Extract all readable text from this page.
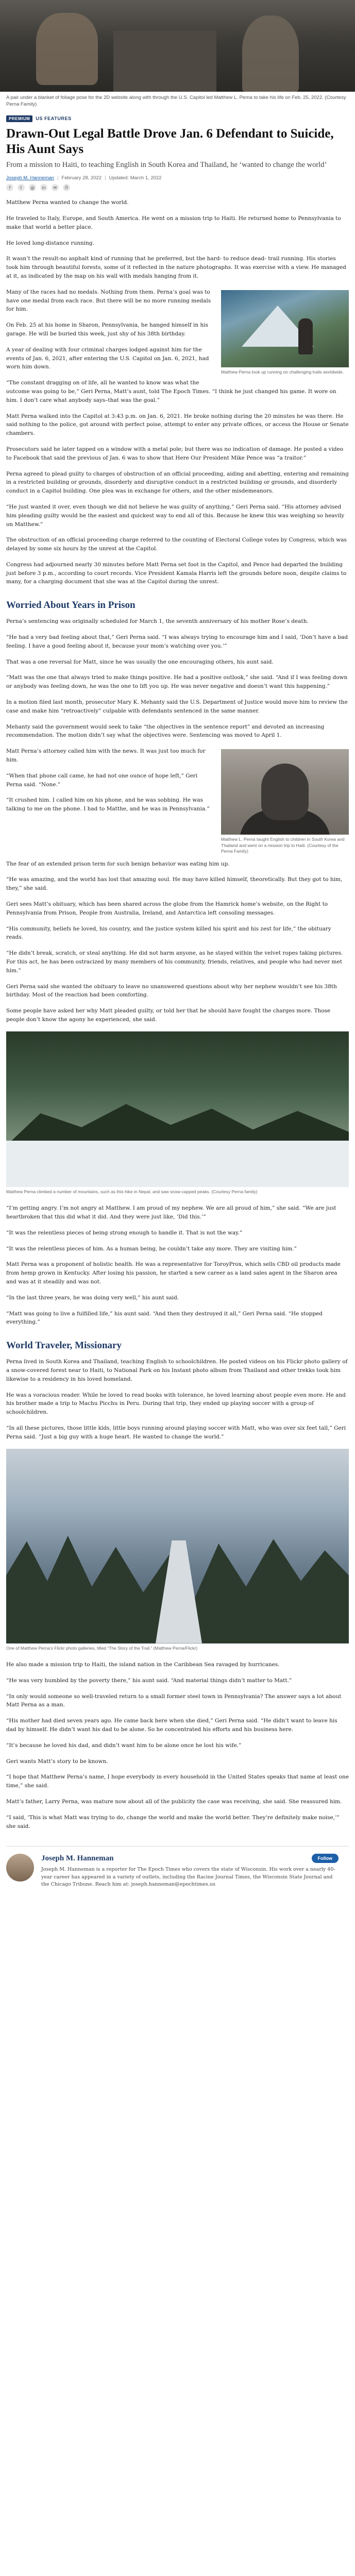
A pair under a blanket of foliage pose for the 2D website along with through the U.S. Capitol led Matthew L. Perna to take his life on Feb. 25, 2022. (Courtesy Perna Family)
PREMIUM	US FEATURES
Drawn-Out Legal Battle Drove Jan. 6 Defendant to Suicide, His Aunt Says

From a mission to Haiti, to teaching English in South Korea and Thailand, he ‘wanted to change the world’

Joseph M. Hanneman | February 28, 2022 | Updated: March 1, 2022
f	t	@	in	✉	⎙

Matthew Perna wanted to change the world.

He traveled to Italy, Europe, and South America. He went on a mission trip to Haiti. He returned home to Pennsylvania to make that world a better place.

He loved long-distance running.

It wasn’t the result-no asphalt kind of running that he preferred, but the hard- to reduce dead- trail running. His stories took him through beautiful forests, some of it reflected in the nature photographs. It was exercise with a view. He managed at it, as indicated by the map on his wall with medals hanging from it.

Matthew Perna took up running on challenging trails worldwide.

Many of the races had no medals. Nothing from them. Perna’s goal was to have one medal from each race. But there will be no more running medals for him.

On Feb. 25 at his home in Sharon, Pennsylvania, he hanged himself in his garage. He will be buried this week, just shy of his 38th birthday.

A year of dealing with four criminal charges lodged against him for the events of Jan. 6, 2021, after entering the U.S. Capitol on Jan. 6, 2021, had worn him down.

“The constant dragging on of life, all he wanted to know was what the outcome was going to be,” Geri Perna, Matt’s aunt, told The Epoch Times. “I think he just changed his game. It wore on him. I don’t care what anybody says–that was the goal.”

Matt Perna walked into the Capitol at 3:43 p.m. on Jan. 6, 2021. He broke nothing during the 20 minutes he was there. He said nothing to the police, got around with perfect poise, attempt to enter any private offices, or access the House or Senate chambers.

Prosecutors said he later tapped on a window with a metal pole; but there was no indication of damage. He posted a video to Facebook that said the previous of Jan. 6 was to show that Here Our President Mike Pence was “a traitor.”

Perna agreed to plead guilty to charges of obstruction of an official proceeding, aiding and abetting, entering and remaining in a restricted building or grounds, disorderly and disruptive conduct in a restricted building or grounds, and disorderly conduct in a Capitol building. One plea was in exchange for others, and the other misdemeanors.

“He just wanted it over, even though we did not believe he was guilty of anything,” Geri Perna said. “His attorney advised him pleading guilty would be the easiest and quickest way to end all of this. Because he knew this was weighing so heavily on Matthew.”

The obstruction of an official proceeding charge referred to the counting of Electoral College votes by Congress, which was delayed by some six hours by the unrest at the Capitol.

Congress had adjourned nearly 30 minutes before Matt Perna set foot in the Capitol, and Pence had departed the building just before 3 p.m., according to court records. Vice President Kamala Harris left the grounds before noon, despite claims to many, for a charging document that she was at the Capitol during the unrest.

Worried About Years in Prison

Perna’s sentencing was originally scheduled for March 1, the seventh anniversary of his mother Rose’s death.

“He had a very bad feeling about that,” Geri Perna said. “I was always trying to encourage him and I said, ‘Don’t have a bad feeling. I have a good feeling about it, because your mom’s watching over you.’”

That was a one reversal for Matt, since he was usually the one encouraging others, his aunt said.

“Matt was the one that always tried to make things positive. He had a positive outlook,” she said. “And if I was feeling down or anybody was feeling down, he was the one to lift you up. He was never negative and doesn’t want this happening.”

In a motion filed last month, prosecutor Mary K. Mehanty said the U.S. Department of Justice would move him to review the case and make him “retroactively” culpable with defendants sentenced in the same manner.

Mehanty said the government would seek to take “the objectives in the sentence report” and devoted an increasing recommendation. The motion didn’t say what the objectives were. Sentencing was moved to April 1.

Matthew L. Perna taught English to children in South Korea and Thailand and went on a mission trip to Haiti. (Courtesy of the Perna Family)

Matt Perna’s attorney called him with the news. It was just too much for him.

“When that phone call came, he had not one ounce of hope left,” Geri Perna said. “None.”

“It crushed him. I called him on his phone, and he was sobbing. He was talking to me on the phone. I had to Matthe, and he was in Pennsylvania.”

The fear of an extended prison term for such benign behavior was eating him up.

“He was amazing, and the world has lost that amazing soul. He may have killed himself, theoretically. But they got to him, they,” she said.

Geri sees Matt’s obituary, which has been shared across the globe from the Hamrick home’s website, on the Right to Pennsylvania from Prison, People from Australia, Ireland, and Antarctica left consoling messages.

“His community, beliefs he loved, his country, and the justice system killed his spirit and his zest for life,” the obituary reads.

“He didn’t break, scratch, or steal anything. He did not harm anyone, as he stayed within the velvet ropes taking pictures. For this act, he has been ostracized by many members of his community, friends, relatives, and people who had never met him.”

Geri Perna said she wanted the obituary to leave no unanswered questions about why her nephew wouldn’t see his 38th birthday. Most of the reaction had been comforting.

Some people have asked her why Matt pleaded guilty, or told her that he should have fought the charges more. Those people don’t know the agony he experienced, she said.

Matthew Perna climbed a number of mountains, such as this hike in Nepal, and saw snow-capped peaks. (Courtesy Perna family)

“I’m getting angry. I’m not angry at Matthew. I am proud of my nephew. We are all proud of him,” she said. “We are just heartbroken that this did what it did. And they were just like, ‘Did this.’”

“It was the relentless pieces of being strong enough to handle it. That is not the way.”

“It was the relentless pieces of him. As a human being, he couldn’t take any more. They are visiting him.”

Matt Perna was a proponent of holistic health. He was a representative for ToroyProx, which sells CBD oil products made from hemp grown in Kentucky. After losing his passion, he started a new career as a land sales agent in the Sharon area and was at it steadily and was not.

“In the last three years, he was doing very well,” his aunt said.

“Matt was going to live a fulfilled life,” his aunt said. “And then they destroyed it all,” Geri Perna said. “He stopped everything.”

World Traveler, Missionary

Perna lived in South Korea and Thailand, teaching English to schoolchildren. He posted videos on his Flickr photo gallery of a snow-covered forest near to Haiti, to National Park on his Instant photo album from Thailand and other trekks took him likewise to a residency in his loved homeland.

He was a voracious reader. While he loved to read books with tolerance, he loved learning about people even more. He and his brother made a trip to Machu Picchu in Peru. During that trip, they ended up playing soccer with a group of schoolchildren.

“In all these pictures, those little kids, little boys running around playing soccer with Matt, who was over six feet tall,” Geri Perna said. “Just a big guy with a huge heart. He wanted to change the world.”

One of Matthew Perna’s Flickr photo galleries, titled “The Story of the Trail.” (Matthew Perna/Flickr)

He also made a mission trip to Haiti, the island nation in the Caribbean Sea ravaged by hurricanes.

“He was very humbled by the poverty there,” his aunt said. “And material things didn’t matter to Matt.”

“In only would someone so well-traveled return to a small former steel town in Pennsylvania? The answer says a lot about Matt Perna as a man.

“His mother had died seven years ago. He came back here when she died,” Geri Perna said. “He didn’t want to leave his dad by himself. He didn’t want his dad to be alone. So he concentrated his efforts and his business here.

“It’s because he loved his dad, and didn’t want him to be alone once he lost his wife.”

Geri wants Matt’s story to be known.

“I hope that Matthew Perna’s name, I hope everybody in every household in the United States speaks that name at least one time,” she said.

Matt’s father, Larry Perna, was mature now about all of the publicity the case was receiving, she said. She reassured him.

“I said, ‘This is what Matt was trying to do, change the world and make the world better. They’re definitely make noise,’” she said.

Joseph M. Hanneman	Follow
Joseph M. Hanneman is a reporter for The Epoch Times who covers the state of Wisconsin. His work over a nearly 40-year career has appeared in a variety of outlets, including the Racine Journal Times, the Wisconsin State Journal and the Chicago Tribune. Reach him at: joseph.hanneman@epochtimes.us
